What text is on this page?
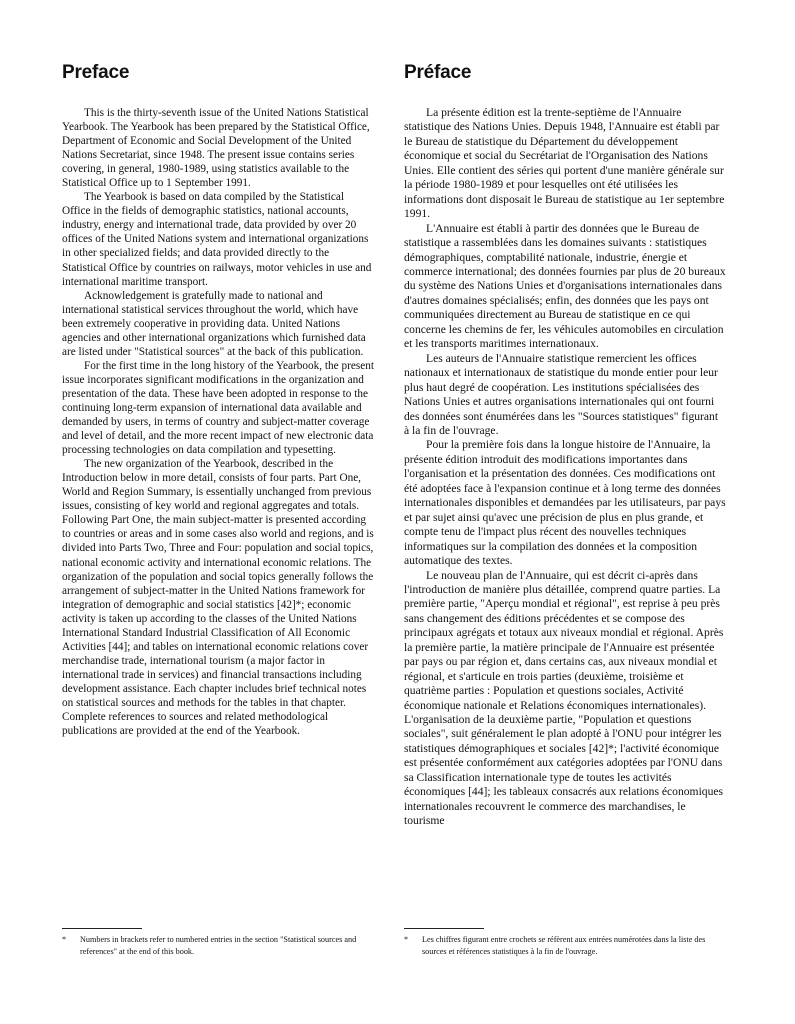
Preface

This is the thirty-seventh issue of the United Nations Statistical Yearbook. The Yearbook has been prepared by the Statistical Office, Department of Economic and Social Development of the United Nations Secretariat, since 1948. The present issue contains series covering, in general, 1980-1989, using statistics available to the Statistical Office up to 1 September 1991.

The Yearbook is based on data compiled by the Statistical Office in the fields of demographic statistics, national accounts, industry, energy and international trade, data provided by over 20 offices of the United Nations system and international organizations in other specialized fields; and data provided directly to the Statistical Office by countries on railways, motor vehicles in use and international maritime transport.

Acknowledgement is gratefully made to national and international statistical services throughout the world, which have been extremely cooperative in providing data. United Nations agencies and other international organizations which furnished data are listed under "Statistical sources" at the back of this publication.

For the first time in the long history of the Yearbook, the present issue incorporates significant modifications in the organization and presentation of the data. These have been adopted in response to the continuing long-term expansion of international data available and demanded by users, in terms of country and subject-matter coverage and level of detail, and the more recent impact of new electronic data processing technologies on data compilation and typesetting.

The new organization of the Yearbook, described in the Introduction below in more detail, consists of four parts. Part One, World and Region Summary, is essentially unchanged from previous issues, consisting of key world and regional aggregates and totals. Following Part One, the main subject-matter is presented according to countries or areas and in some cases also world and regions, and is divided into Parts Two, Three and Four: population and social topics, national economic activity and international economic relations. The organization of the population and social topics generally follows the arrangement of subject-matter in the United Nations framework for integration of demographic and social statistics [42]*; economic activity is taken up according to the classes of the United Nations International Standard Industrial Classification of All Economic Activities [44]; and tables on international economic relations cover merchandise trade, international tourism (a major factor in international trade in services) and financial transactions including development assistance. Each chapter includes brief technical notes on statistical sources and methods for the tables in that chapter. Complete references to sources and related methodological publications are provided at the end of the Yearbook.

Préface

La présente édition est la trente-septième de l'Annuaire statistique des Nations Unies. Depuis 1948, l'Annuaire est établi par le Bureau de statistique du Département du développement économique et social du Secrétariat de l'Organisation des Nations Unies. Elle contient des séries qui portent d'une manière générale sur la période 1980-1989 et pour lesquelles ont été utilisées les informations dont disposait le Bureau de statistique au 1er septembre 1991.

L'Annuaire est établi à partir des données que le Bureau de statistique a rassemblées dans les domaines suivants : statistiques démographiques, comptabilité nationale, industrie, énergie et commerce international; des données fournies par plus de 20 bureaux du système des Nations Unies et d'organisations internationales dans d'autres domaines spécialisés; enfin, des données que les pays ont communiquées directement au Bureau de statistique en ce qui concerne les chemins de fer, les véhicules automobiles en circulation et les transports maritimes internationaux.

Les auteurs de l'Annuaire statistique remercient les offices nationaux et internationaux de statistique du monde entier pour leur plus haut degré de coopération. Les institutions spécialisées des Nations Unies et autres organisations internationales qui ont fourni des données sont énumérées dans les "Sources statistiques" figurant à la fin de l'ouvrage.

Pour la première fois dans la longue histoire de l'Annuaire, la présente édition introduit des modifications importantes dans l'organisation et la présentation des données. Ces modifications ont été adoptées face à l'expansion continue et à long terme des données internationales disponibles et demandées par les utilisateurs, par pays et par sujet ainsi qu'avec une précision de plus en plus grande, et compte tenu de l'impact plus récent des nouvelles techniques informatiques sur la compilation des données et la composition automatique des textes.

Le nouveau plan de l'Annuaire, qui est décrit ci-après dans l'introduction de manière plus détaillée, comprend quatre parties. La première partie, "Aperçu mondial et régional", est reprise à peu près sans changement des éditions précédentes et se compose des principaux agrégats et totaux aux niveaux mondial et régional. Après la première partie, la matière principale de l'Annuaire est présentée par pays ou par région et, dans certains cas, aux niveaux mondial et régional, et s'articule en trois parties (deuxième, troisième et quatrième parties : Population et questions sociales, Activité économique nationale et Relations économiques internationales). L'organisation de la deuxième partie, "Population et questions sociales", suit généralement le plan adopté à l'ONU pour intégrer les statistiques démographiques et sociales [42]*; l'activité économique est présentée conformément aux catégories adoptées par l'ONU dans sa Classification internationale type de toutes les activités économiques [44]; les tableaux consacrés aux relations économiques internationales recouvrent le commerce des marchandises, le tourisme

* Numbers in brackets refer to numbered entries in the section "Statistical sources and references" at the end of this book.
* Les chiffres figurant entre crochets se réfèrent aux entrées numérotées dans la liste des sources et références statistiques à la fin de l'ouvrage.
